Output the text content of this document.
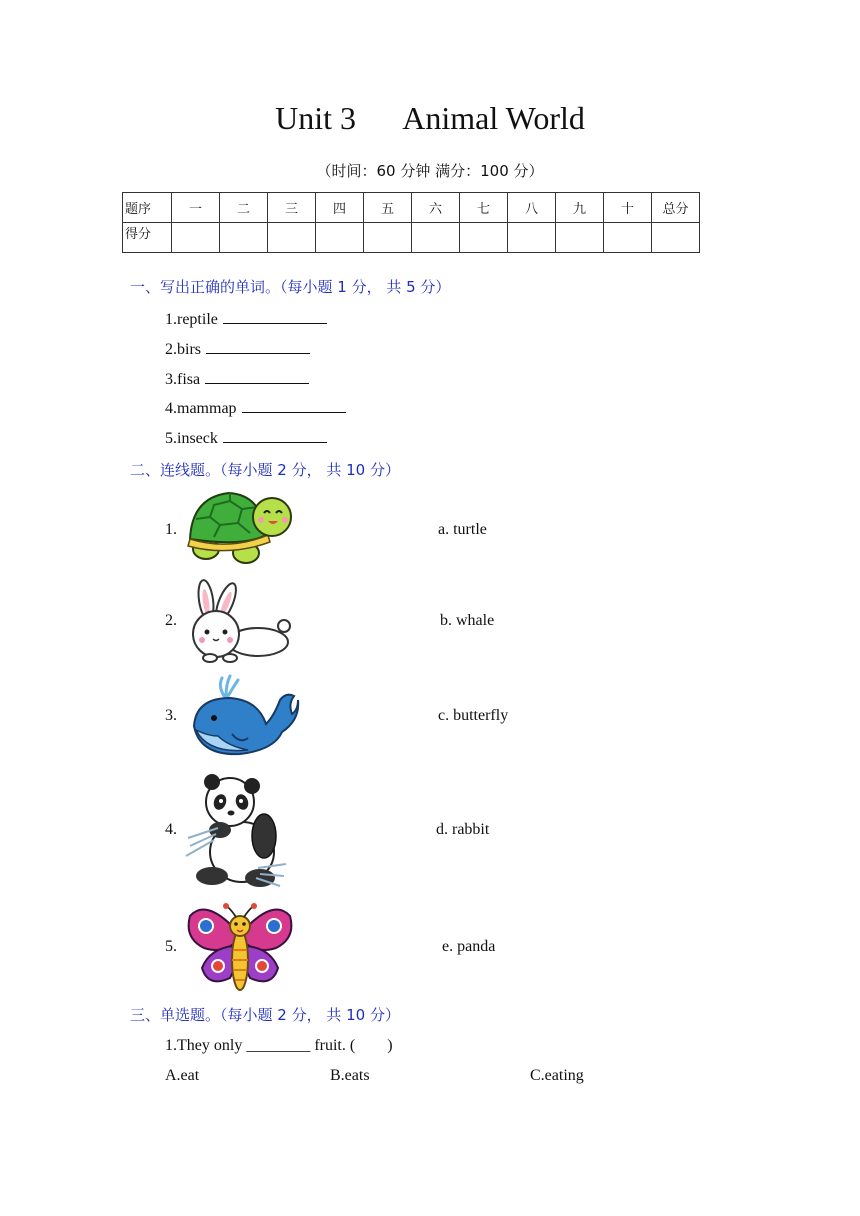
Unit 3      Animal World
（时间：60 分钟 满分：100 分）
题序	一	二	三	四	五	六	七	八	九	十	总分
得分											
一、写出正确的单词。（每小题 1 分， 共 5 分）
1.reptile
2.birs
3.fisa
4.mammap
5.inseck
二、连线题。（每小题 2 分， 共 10 分）
1.
2.
3.
4.
5.
a. turtle
b. whale
c. butterfly
d. rabbit
e. panda
三、单选题。（每小题 2 分， 共 10 分）
1.They only ________ fruit. (        )
A.eat	B.eats	C.eating
